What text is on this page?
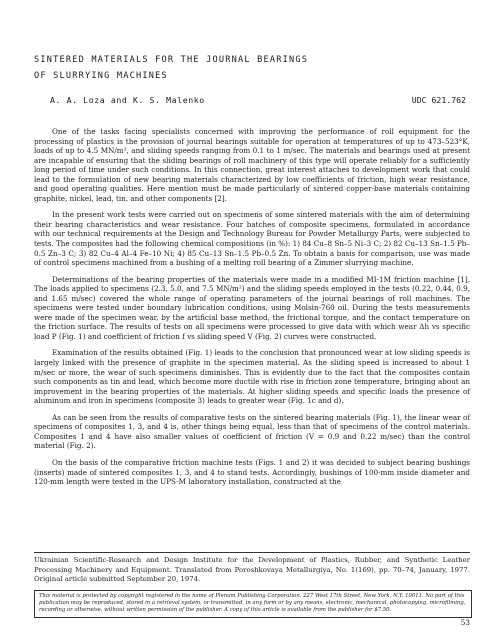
SINTERED MATERIALS FOR THE JOURNAL BEARINGS
OF SLURRYING MACHINES
A. A. Loza and K. S. Malenko	UDC 621.762

One of the tasks facing specialists concerned with improving the performance of roll equipment for the processing of plastics is the provision of journal bearings suitable for operation at temperatures of up to 473–523°K, loads of up to 4.5 MN/m², and sliding speeds ranging from 0.1 to 1 m/sec. The materials and bearings used at present are incapable of ensuring that the sliding bearings of roll machinery of this type will operate reliably for a sufficiently long period of time under such conditions. In this connection, great interest attaches to development work that could lead to the formulation of new bearing materials characterized by low coefficients of friction, high wear resistance, and good operating qualities. Here mention must be made particularly of sintered copper-base materials containing graphite, nickel, lead, tin, and other components [2].

In the present work tests were carried out on specimens of some sintered materials with the aim of determining their bearing characteristics and wear resistance. Four batches of composite specimens, formulated in accordance with our technical requirements at the Design and Technology Bureau for Powder Metallurgy Parts, were subjected to tests. The composites had the following chemical compositions (in %): 1) 84 Cu–8 Sn–5 Ni–3 C; 2) 82 Cu–13 Sn–1.5 Pb–0.5 Zn–3 C; 3) 82 Cu–4 Al–4 Fe–10 Ni; 4) 85 Cu–13 Sn–1.5 Pb–0.5 Zn. To obtain a basis for comparison, use was made of control specimens machined from a bushing of a melting roll bearing of a Zimmer slurrying machine.

Determinations of the bearing properties of the materials were made in a modified MI-1M friction machine [1]. The loads applied to specimens (2.3, 5.0, and 7.5 MN/m²) and the sliding speeds employed in the tests (0.22, 0.44, 0.9, and 1.65 m/sec) covered the whole range of operating parameters of the journal bearings of roll machines. The specimens were tested under boundary lubrication conditions, using Molsin-760 oil. During the tests measurements were made of the specimen wear, by the artificial base method, the frictional torque, and the contact temperature on the friction surface. The results of tests on all specimens were processed to give data with which wear Δh vs specific load P (Fig. 1) and coefficient of friction f vs sliding speed V (Fig. 2) curves were constructed.

Examination of the results obtained (Fig. 1) leads to the conclusion that pronounced wear at low sliding speeds is largely linked with the presence of graphite in the specimen material. As the sliding speed is increased to about 1 m/sec or more, the wear of such specimens diminishes. This is evidently due to the fact that the composites contain such components as tin and lead, which become more ductile with rise in friction zone temperature, bringing about an improvement in the bearing properties of the materials. At higher sliding speeds and specific loads the presence of aluminum and iron in specimens (composite 3) leads to greater wear (Fig. 1c and d).

As can be seen from the results of comparative tests on the sintered bearing materials (Fig. 1), the linear wear of specimens of composites 1, 3, and 4 is, other things being equal, less than that of specimens of the control materials. Composites 1 and 4 have also smaller values of coefficient of friction (V = 0.9 and 0.22 m/sec) than the control material (Fig. 2).

On the basis of the comparative friction machine tests (Figs. 1 and 2) it was decided to subject bearing bushings (inserts) made of sintered composites 1, 3, and 4 to stand tests. Accordingly, bushings of 100-mm inside diameter and 120-mm length were tested in the UPS-M laboratory installation, constructed at the

Ukrainian Scientific-Research and Design Institute for the Development of Plastics, Rubber, and Synthetic Leather Processing Machinery and Equipment. Translated from Poroshkovaya Metallurgiya, No. 1(169), pp. 70–74, January, 1977. Original article submitted September 20, 1974.
This material is protected by copyright registered in the name of Plenum Publishing Corporation, 227 West 17th Street, New York, N.Y. 10011. No part of this publication may be reproduced, stored in a retrieval system, or transmitted, in any form or by any means, electronic, mechanical, photocopying, microfilming, recording or otherwise, without written permission of the publisher. A copy of this article is available from the publisher for $7.50.
53
